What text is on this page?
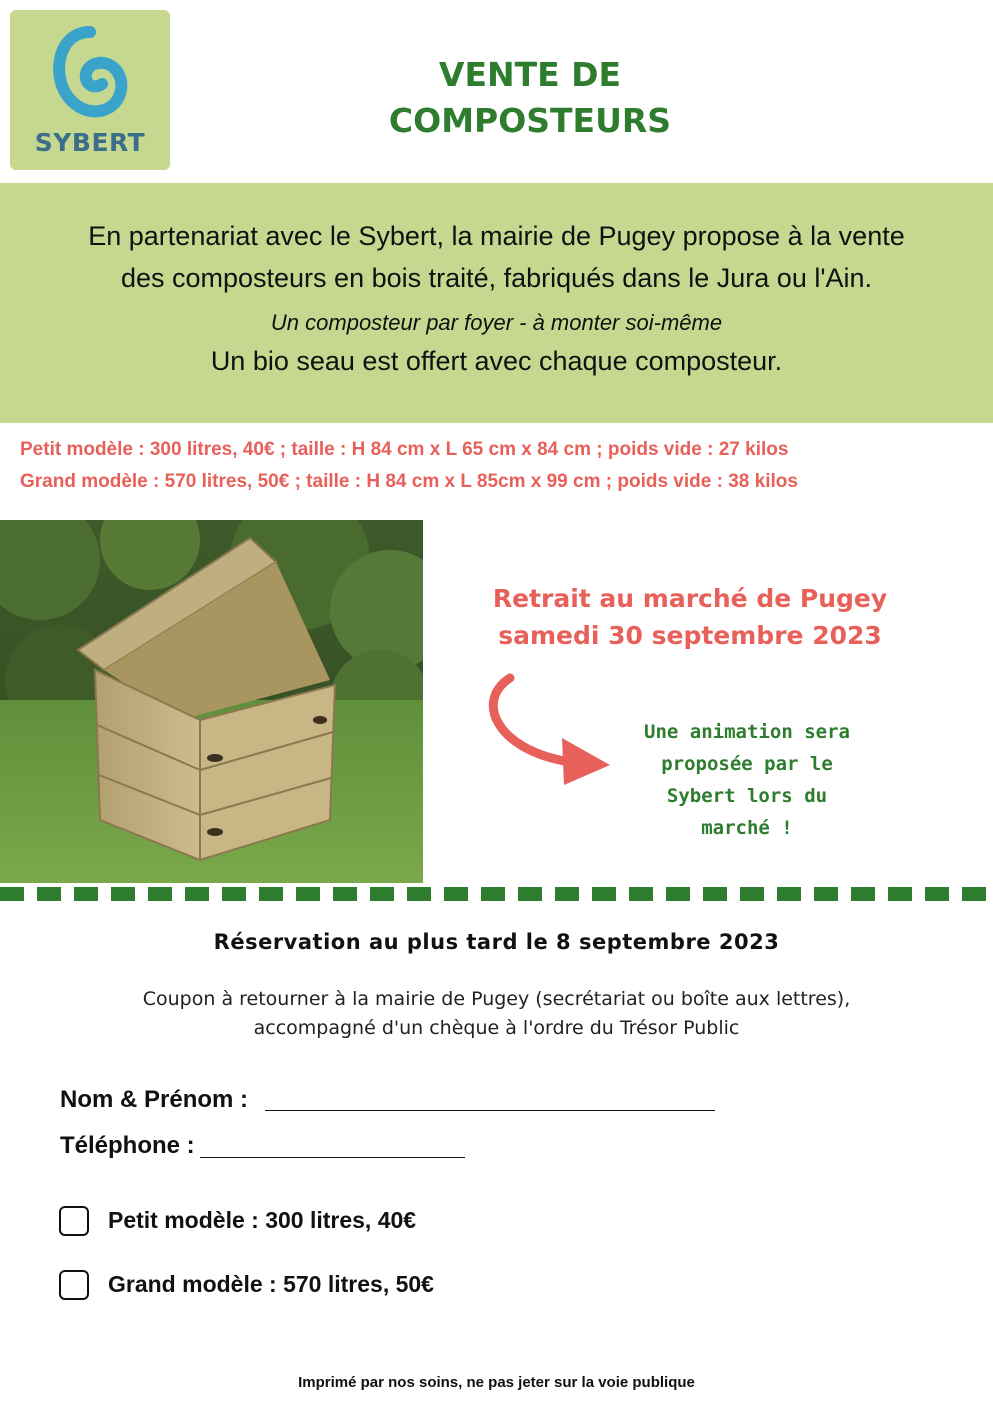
SYBERT
VENTE DE
COMPOSTEURS
En partenariat avec le Sybert, la mairie de Pugey propose à la vente
des composteurs en bois traité, fabriqués dans le Jura ou l'Ain.
Un composteur par foyer - à monter soi-même
Un bio seau est offert avec chaque composteur.
Petit modèle : 300 litres, 40€ ; taille : H 84 cm x L 65 cm x 84 cm ; poids vide : 27 kilos
Grand modèle : 570 litres, 50€ ; taille : H 84 cm x L 85cm x 99 cm ; poids vide : 38 kilos
Retrait au marché de Pugey
samedi 30 septembre 2023
Une animation sera
proposée par le
Sybert lors du
marché !
Réservation au plus tard le 8 septembre 2023
Coupon à retourner à la mairie de Pugey (secrétariat ou boîte aux lettres),
accompagné d'un chèque à l'ordre du Trésor Public
Nom & Prénom :
Téléphone :
Petit modèle : 300 litres, 40€
Grand modèle : 570 litres, 50€
Imprimé par nos soins, ne pas jeter sur la voie publique
